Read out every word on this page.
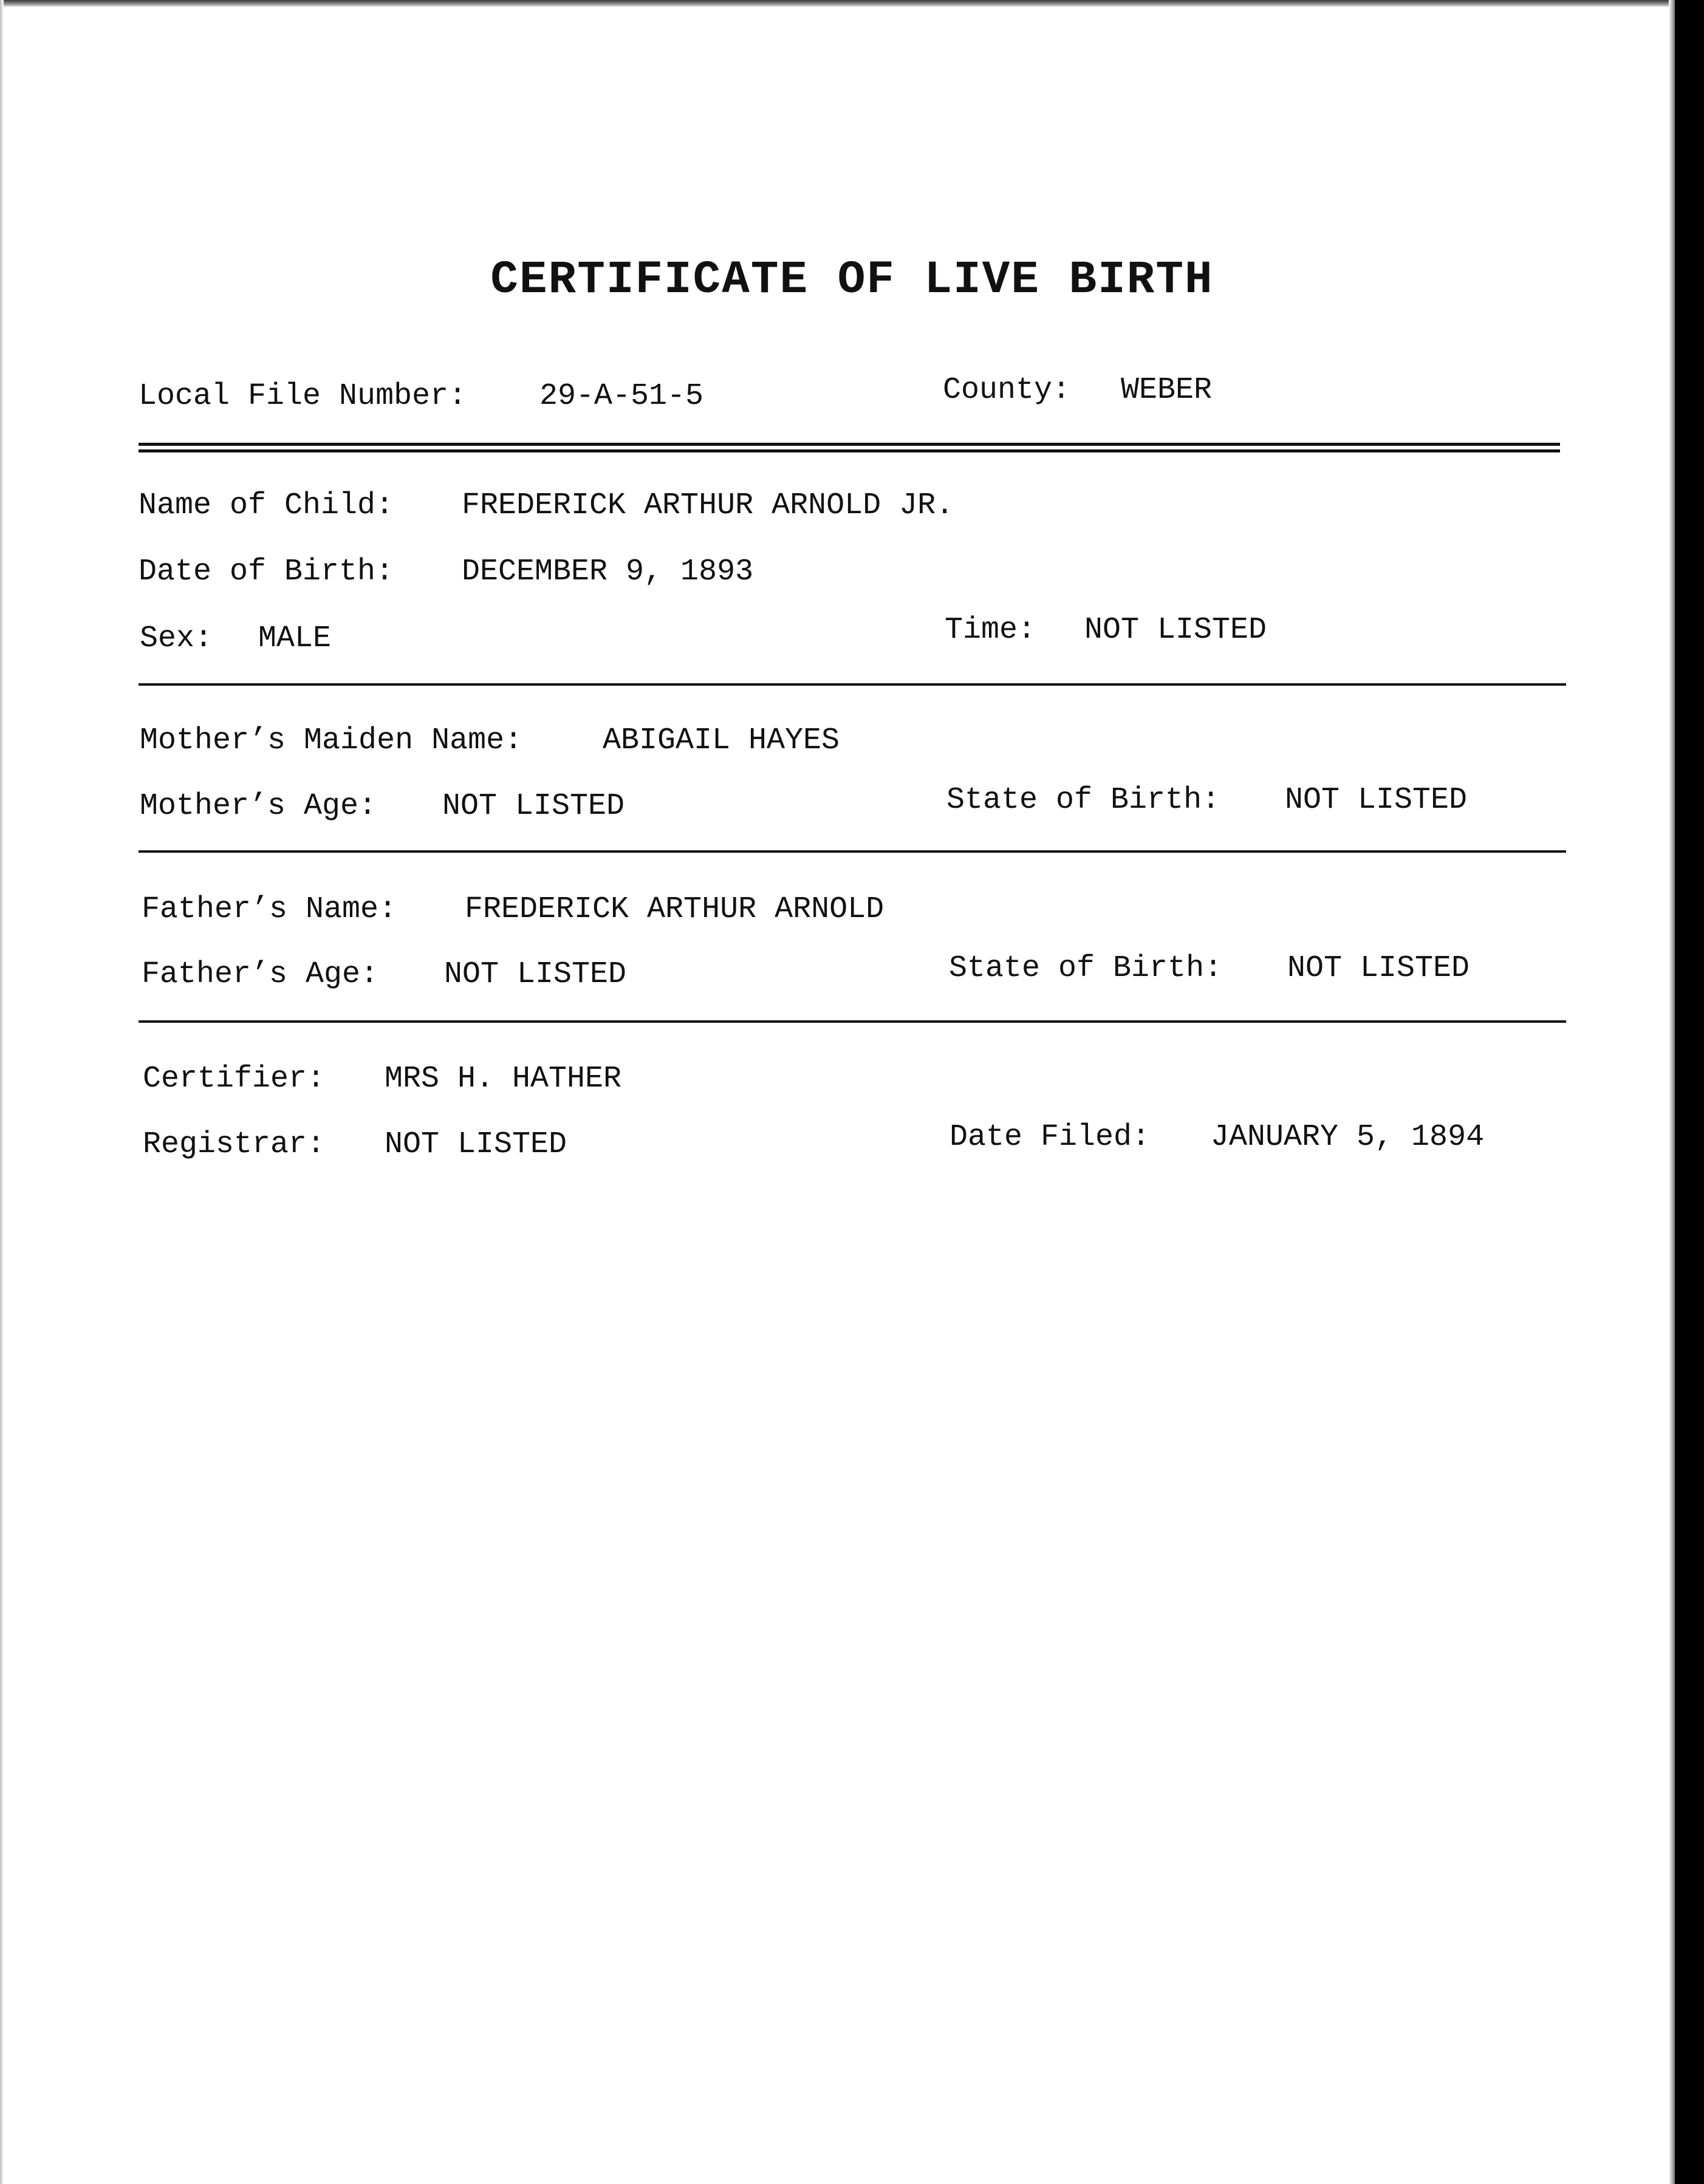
CERTIFICATE OF LIVE BIRTH
Local File Number: 29-A-51-5	County: WEBER
Name of Child: FREDERICK ARTHUR ARNOLD JR.
Date of Birth: DECEMBER 9, 1893
Sex: MALE	Time: NOT LISTED
Mother’s Maiden Name:	ABIGAIL HAYES
Mother’s Age: NOT LISTED	State of Birth: NOT LISTED
Father’s Name: FREDERICK ARTHUR ARNOLD
Father’s Age: NOT LISTED	State of Birth: NOT LISTED
Certifier: MRS H. HATHER
Registrar: NOT LISTED	Date Filed: JANUARY 5, 1894
